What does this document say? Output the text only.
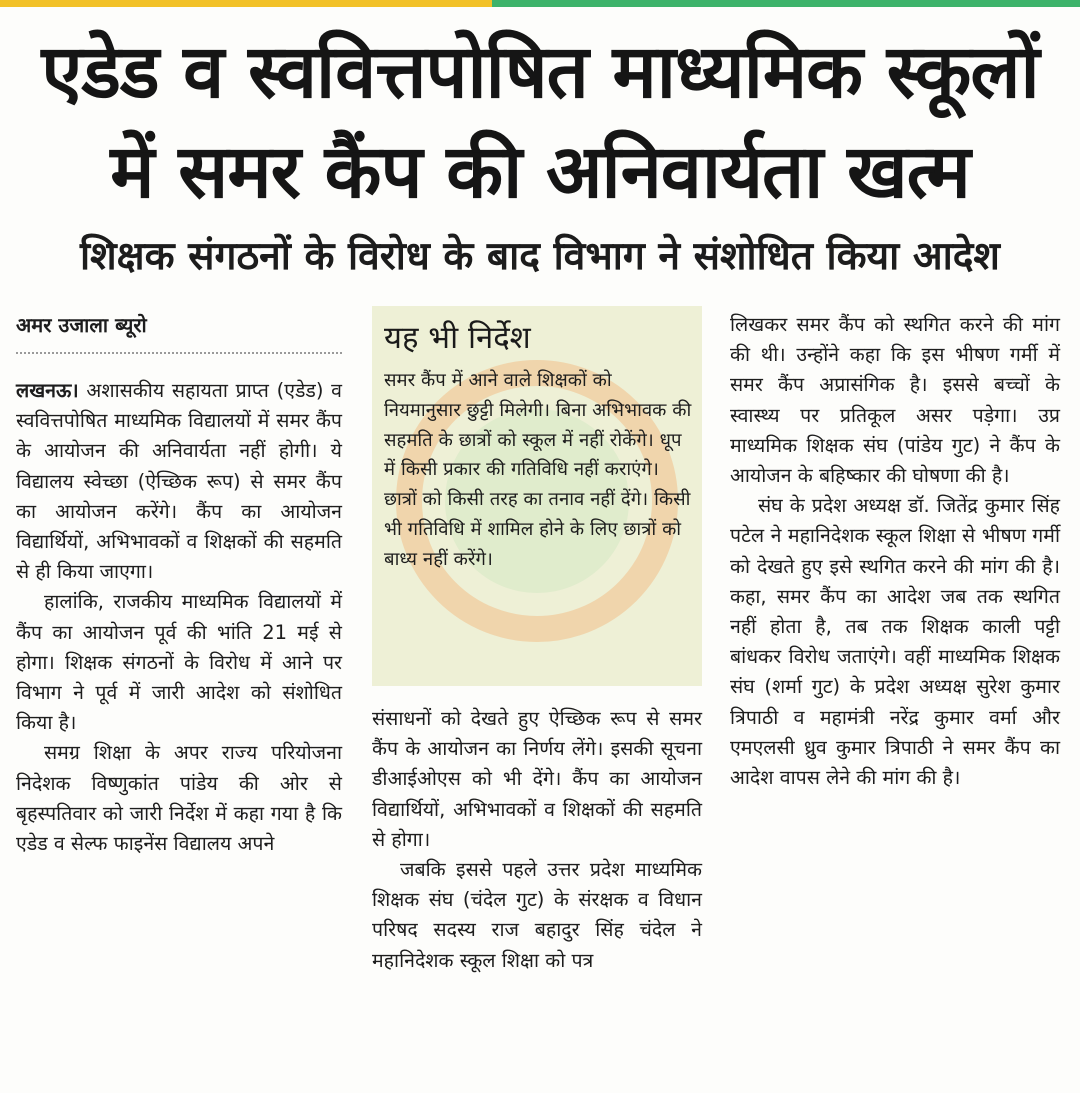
एडेड व स्ववित्तपोषित माध्यमिक स्कूलों
में समर कैंप की अनिवार्यता खत्म
शिक्षक संगठनों के विरोध के बाद विभाग ने संशोधित किया आदेश
अमर उजाला ब्यूरो

लखनऊ। अशासकीय सहायता प्राप्त (एडेड) व स्ववित्तपोषित माध्यमिक विद्यालयों में समर कैंप के आयोजन की अनिवार्यता नहीं होगी। ये विद्यालय स्वेच्छा (ऐच्छिक रूप) से समर कैंप का आयोजन करेंगे। कैंप का आयोजन विद्यार्थियों, अभिभावकों व शिक्षकों की सहमति से ही किया जाएगा।

हालांकि, राजकीय माध्यमिक विद्यालयों में कैंप का आयोजन पूर्व की भांति 21 मई से होगा। शिक्षक संगठनों के विरोध में आने पर विभाग ने पूर्व में जारी आदेश को संशोधित किया है।

समग्र शिक्षा के अपर राज्य परियोजना निदेशक विष्णुकांत पांडेय की ओर से बृहस्पतिवार को जारी निर्देश में कहा गया है कि एडेड व सेल्फ फाइनेंस विद्यालय अपने

यह भी निर्देश
समर कैंप में आने वाले शिक्षकों को नियमानुसार छुट्टी मिलेगी। बिना अभिभावक की सहमति के छात्रों को स्कूल में नहीं रोकेंगे। धूप में किसी प्रकार की गतिविधि नहीं कराएंगे। छात्रों को किसी तरह का तनाव नहीं देंगे। किसी भी गतिविधि में शामिल होने के लिए छात्रों को बाध्य नहीं करेंगे।

संसाधनों को देखते हुए ऐच्छिक रूप से समर कैंप के आयोजन का निर्णय लेंगे। इसकी सूचना डीआईओएस को भी देंगे। कैंप का आयोजन विद्यार्थियों, अभिभावकों व शिक्षकों की सहमति से होगा।

जबकि इससे पहले उत्तर प्रदेश माध्यमिक शिक्षक संघ (चंदेल गुट) के संरक्षक व विधान परिषद सदस्य राज बहादुर सिंह चंदेल ने महानिदेशक स्कूल शिक्षा को पत्र

लिखकर समर कैंप को स्थगित करने की मांग की थी। उन्होंने कहा कि इस भीषण गर्मी में समर कैंप अप्रासंगिक है। इससे बच्चों के स्वास्थ्य पर प्रतिकूल असर पड़ेगा। उप्र माध्यमिक शिक्षक संघ (पांडेय गुट) ने कैंप के आयोजन के बहिष्कार की घोषणा की है।

संघ के प्रदेश अध्यक्ष डॉ. जितेंद्र कुमार सिंह पटेल ने महानिदेशक स्कूल शिक्षा से भीषण गर्मी को देखते हुए इसे स्थगित करने की मांग की है। कहा, समर कैंप का आदेश जब तक स्थगित नहीं होता है, तब तक शिक्षक काली पट्टी बांधकर विरोध जताएंगे। वहीं माध्यमिक शिक्षक संघ (शर्मा गुट) के प्रदेश अध्यक्ष सुरेश कुमार त्रिपाठी व महामंत्री नरेंद्र कुमार वर्मा और एमएलसी ध्रुव कुमार त्रिपाठी ने समर कैंप का आदेश वापस लेने की मांग की है।
